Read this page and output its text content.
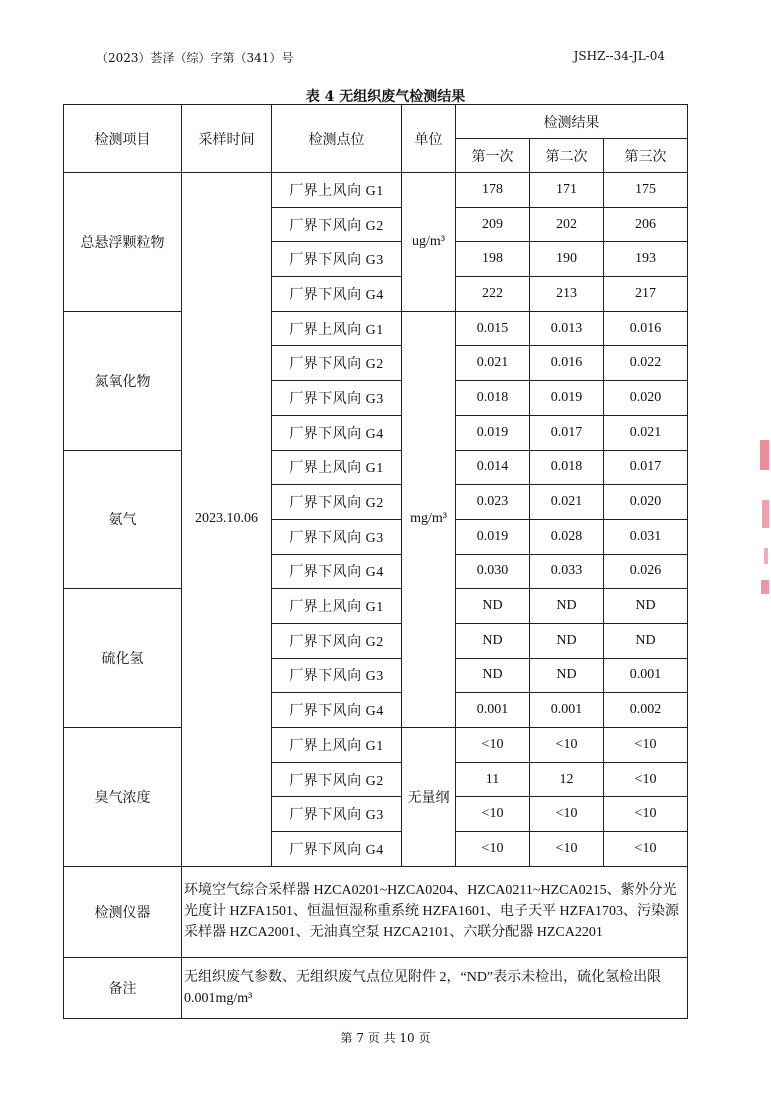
（2023）荟泽（综）字第（341）号	JSHZ--34-JL-04
表 4 无组织废气检测结果
检测项目	采样时间	检测点位	单位	检测结果		
				第一次	第二次	第三次
总悬浮颗粒物	2023.10.06	厂界上风向 G1	ug/m³	178	171	175
		厂界下风向 G2		209	202	206
		厂界下风向 G3		198	190	193
		厂界下风向 G4		222	213	217
氮氧化物		厂界上风向 G1	mg/m³	0.015	0.013	0.016
		厂界下风向 G2		0.021	0.016	0.022
		厂界下风向 G3		0.018	0.019	0.020
		厂界下风向 G4		0.019	0.017	0.021
氨气		厂界上风向 G1		0.014	0.018	0.017
		厂界下风向 G2		0.023	0.021	0.020
		厂界下风向 G3		0.019	0.028	0.031
		厂界下风向 G4		0.030	0.033	0.026
硫化氢		厂界上风向 G1		ND	ND	ND
		厂界下风向 G2		ND	ND	ND
		厂界下风向 G3		ND	ND	0.001
		厂界下风向 G4		0.001	0.001	0.002
臭气浓度		厂界上风向 G1	无量纲	<10	<10	<10
		厂界下风向 G2		11	12	<10
		厂界下风向 G3		<10	<10	<10
		厂界下风向 G4		<10	<10	<10
检测仪器	环境空气综合采样器 HZCA0201~HZCA0204、HZCA0211~HZCA0215、紫外分光光度计 HZFA1501、恒温恒湿称重系统 HZFA1601、电子天平 HZFA1703、污染源采样器 HZCA2001、无油真空泵 HZCA2101、六联分配器 HZCA2201					
备注	无组织废气参数、无组织废气点位见附件 2，“ND”表示未检出，硫化氢检出限 0.001mg/m³					
第 7 页 共 10 页
